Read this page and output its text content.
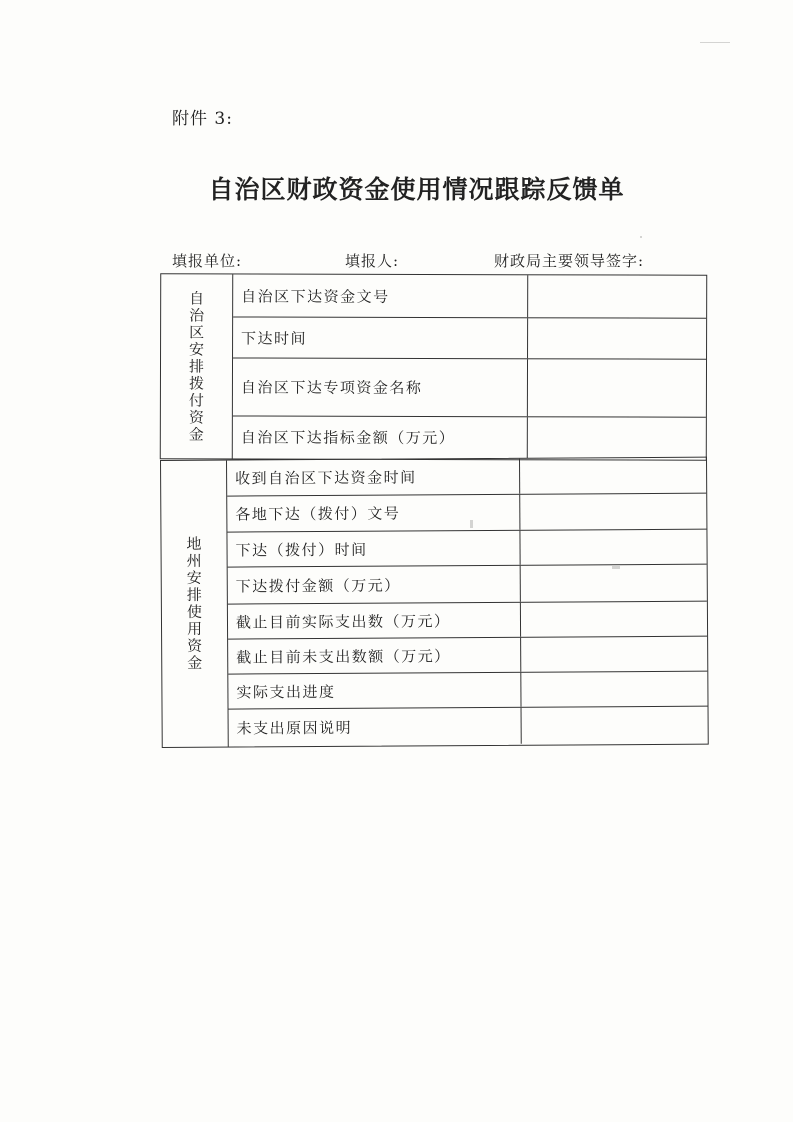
附件 3:
自治区财政资金使用情况跟踪反馈单
填报单位:	填报人:	财政局主要领导签字:
自治区安排拨付资金	自治区下达资金文号
下达时间
自治区下达专项资金名称
自治区下达指标金额（万元）
地州安排使用资金
收到自治区下达资金时间
各地下达（拨付）文号
下达（拨付）时间
下达拨付金额（万元）
截止目前实际支出数（万元）
截止目前未支出数额（万元）
实际支出进度
未支出原因说明
